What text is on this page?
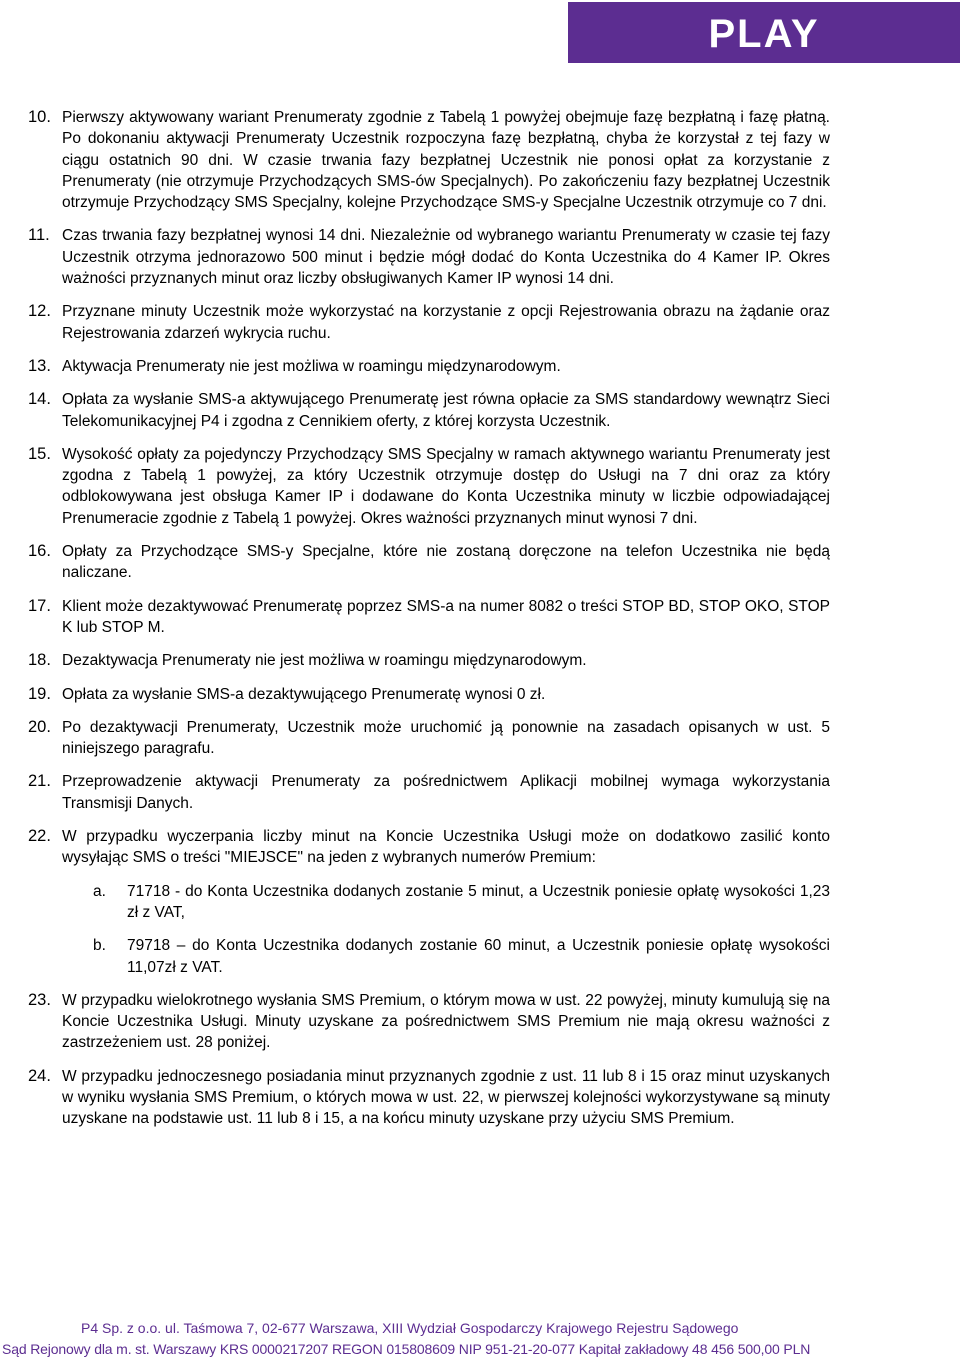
PLAY
10. Pierwszy aktywowany wariant Prenumeraty zgodnie z Tabelą 1 powyżej obejmuje fazę bezpłatną i fazę płatną. Po dokonaniu aktywacji Prenumeraty Uczestnik rozpoczyna fazę bezpłatną, chyba że korzystał z tej fazy w ciągu ostatnich 90 dni. W czasie trwania fazy bezpłatnej Uczestnik nie ponosi opłat za korzystanie z Prenumeraty (nie otrzymuje Przychodzących SMS-ów Specjalnych). Po zakończeniu fazy bezpłatnej Uczestnik otrzymuje Przychodzący SMS Specjalny, kolejne Przychodzące SMS-y Specjalne Uczestnik otrzymuje co 7 dni.
11. Czas trwania fazy bezpłatnej wynosi 14 dni. Niezależnie od wybranego wariantu Prenumeraty w czasie tej fazy Uczestnik otrzyma jednorazowo 500 minut i będzie mógł dodać do Konta Uczestnika do 4 Kamer IP. Okres ważności przyznanych minut oraz liczby obsługiwanych Kamer IP wynosi 14 dni.
12. Przyznane minuty Uczestnik może wykorzystać na korzystanie z opcji Rejestrowania obrazu na żądanie oraz Rejestrowania zdarzeń wykrycia ruchu.
13. Aktywacja Prenumeraty nie jest możliwa w roamingu międzynarodowym.
14. Opłata za wysłanie SMS-a aktywującego Prenumeratę jest równa opłacie za SMS standardowy wewnątrz Sieci Telekomunikacyjnej P4 i zgodna z Cennikiem oferty, z której korzysta Uczestnik.
15. Wysokość opłaty za pojedynczy Przychodzący SMS Specjalny w ramach aktywnego wariantu Prenumeraty jest zgodna z Tabelą 1 powyżej, za który Uczestnik otrzymuje dostęp do Usługi na 7 dni oraz za który odblokowywana jest obsługa Kamer IP i dodawane do Konta Uczestnika minuty w liczbie odpowiadającej Prenumeracie zgodnie z Tabelą 1 powyżej. Okres ważności przyznanych minut wynosi 7 dni.
16. Opłaty za Przychodzące SMS-y Specjalne, które nie zostaną doręczone na telefon Uczestnika nie będą naliczane.
17. Klient może dezaktywować Prenumeratę poprzez SMS-a na numer 8082 o treści STOP BD, STOP OKO, STOP K lub STOP M.
18. Dezaktywacja Prenumeraty nie jest możliwa w roamingu międzynarodowym.
19. Opłata za wysłanie SMS-a dezaktywującego Prenumeratę wynosi 0 zł.
20. Po dezaktywacji Prenumeraty, Uczestnik może uruchomić ją ponownie na zasadach opisanych w ust. 5 niniejszego paragrafu.
21. Przeprowadzenie aktywacji Prenumeraty za pośrednictwem Aplikacji mobilnej wymaga wykorzystania Transmisji Danych.
22. W przypadku wyczerpania liczby minut na Koncie Uczestnika Usługi może on dodatkowo zasilić konto wysyłając SMS o treści "MIEJSCE" na jeden z wybranych numerów Premium:
a.	71718 - do Konta Uczestnika dodanych zostanie 5 minut, a Uczestnik poniesie opłatę wysokości 1,23 zł z VAT,
b.	79718 – do Konta Uczestnika dodanych zostanie 60 minut, a Uczestnik poniesie opłatę wysokości 11,07zł z VAT.
23. W przypadku wielokrotnego wysłania SMS Premium, o którym mowa w ust. 22 powyżej, minuty kumulują się na Koncie Uczestnika Usługi. Minuty uzyskane za pośrednictwem SMS Premium nie mają okresu ważności z zastrzeżeniem ust. 28 poniżej.
24. W przypadku jednoczesnego posiadania minut przyznanych zgodnie z ust. 11 lub 8 i 15 oraz minut uzyskanych w wyniku wysłania SMS Premium, o których mowa w ust. 22, w pierwszej kolejności wykorzystywane są minuty uzyskane na podstawie ust. 11 lub 8 i 15, a na końcu minuty uzyskane przy użyciu SMS Premium.
P4 Sp. z o.o. ul. Taśmowa 7, 02-677 Warszawa, XIII Wydział Gospodarczy Krajowego Rejestru Sądowego
Sąd Rejonowy dla m. st. Warszawy KRS 0000217207 REGON 015808609 NIP 951-21-20-077 Kapitał zakładowy 48 456 500,00 PLN
